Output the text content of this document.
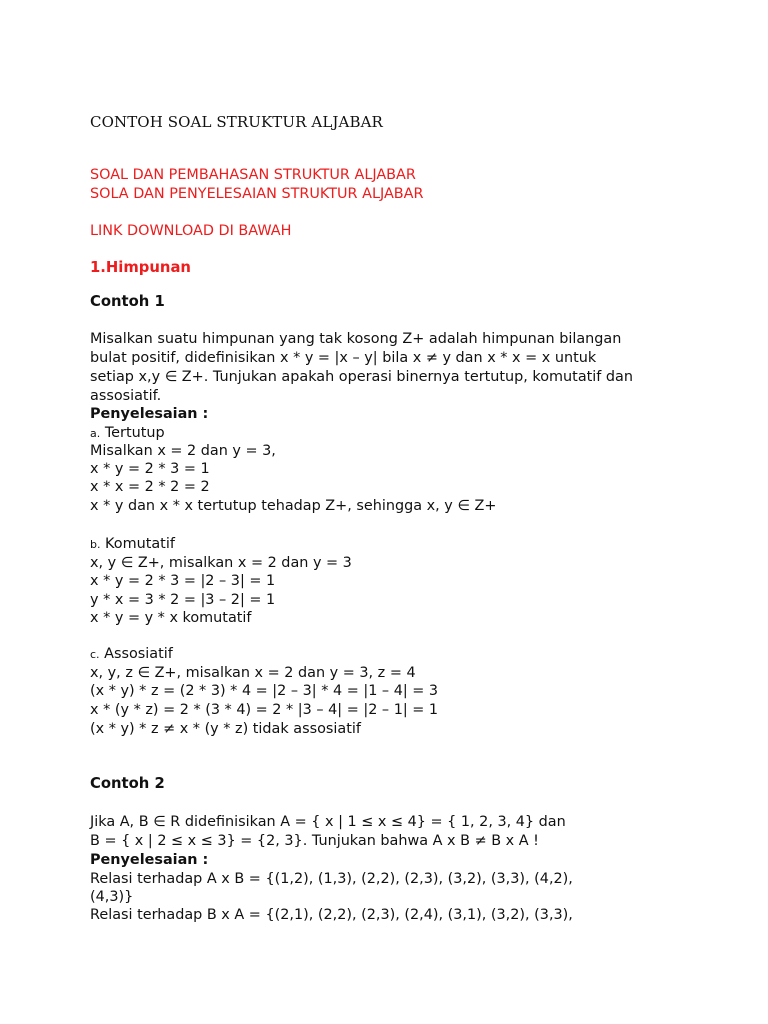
CONTOH SOAL STRUKTUR ALJABAR
SOAL DAN PEMBAHASAN STRUKTUR ALJABAR
SOLA DAN PENYELESAIAN STRUKTUR ALJABAR
LINK DOWNLOAD DI BAWAH
1.Himpunan
Contoh 1
Misalkan suatu himpunan yang tak kosong Z+ adalah himpunan bilangan
bulat positif, didefinisikan x * y = |x – y| bila x ≠ y dan x * x = x untuk
setiap x,y ∈ Z+. Tunjukan apakah operasi binernya tertutup, komutatif dan
assosiatif.
Penyelesaian :
a. Tertutup
Misalkan x = 2 dan y = 3,
x * y = 2 * 3 = 1
x * x = 2 * 2 = 2
x * y dan x * x tertutup tehadap Z+, sehingga x, y ∈ Z+
b. Komutatif
x, y ∈ Z+, misalkan x = 2 dan y = 3
x * y = 2 * 3 = |2 – 3| = 1
y * x = 3 * 2 = |3 – 2| = 1
x * y = y * x komutatif
c. Assosiatif
x, y, z ∈ Z+, misalkan x = 2 dan y = 3, z = 4
(x * y) * z = (2 * 3) * 4 = |2 – 3| * 4 = |1 – 4| = 3
x * (y * z) = 2 * (3 * 4) = 2 * |3 – 4| = |2 – 1| = 1
(x * y) * z ≠ x * (y * z) tidak assosiatif
Contoh 2
Jika A, B ∈ R didefinisikan A = { x | 1 ≤ x ≤ 4} = { 1, 2, 3, 4} dan
B = { x | 2 ≤ x ≤ 3} = {2, 3}. Tunjukan bahwa A x B ≠ B x A !
Penyelesaian :
Relasi terhadap A x B = {(1,2), (1,3), (2,2), (2,3), (3,2), (3,3), (4,2),
(4,3)}
Relasi terhadap B x A = {(2,1), (2,2), (2,3), (2,4), (3,1), (3,2), (3,3),
